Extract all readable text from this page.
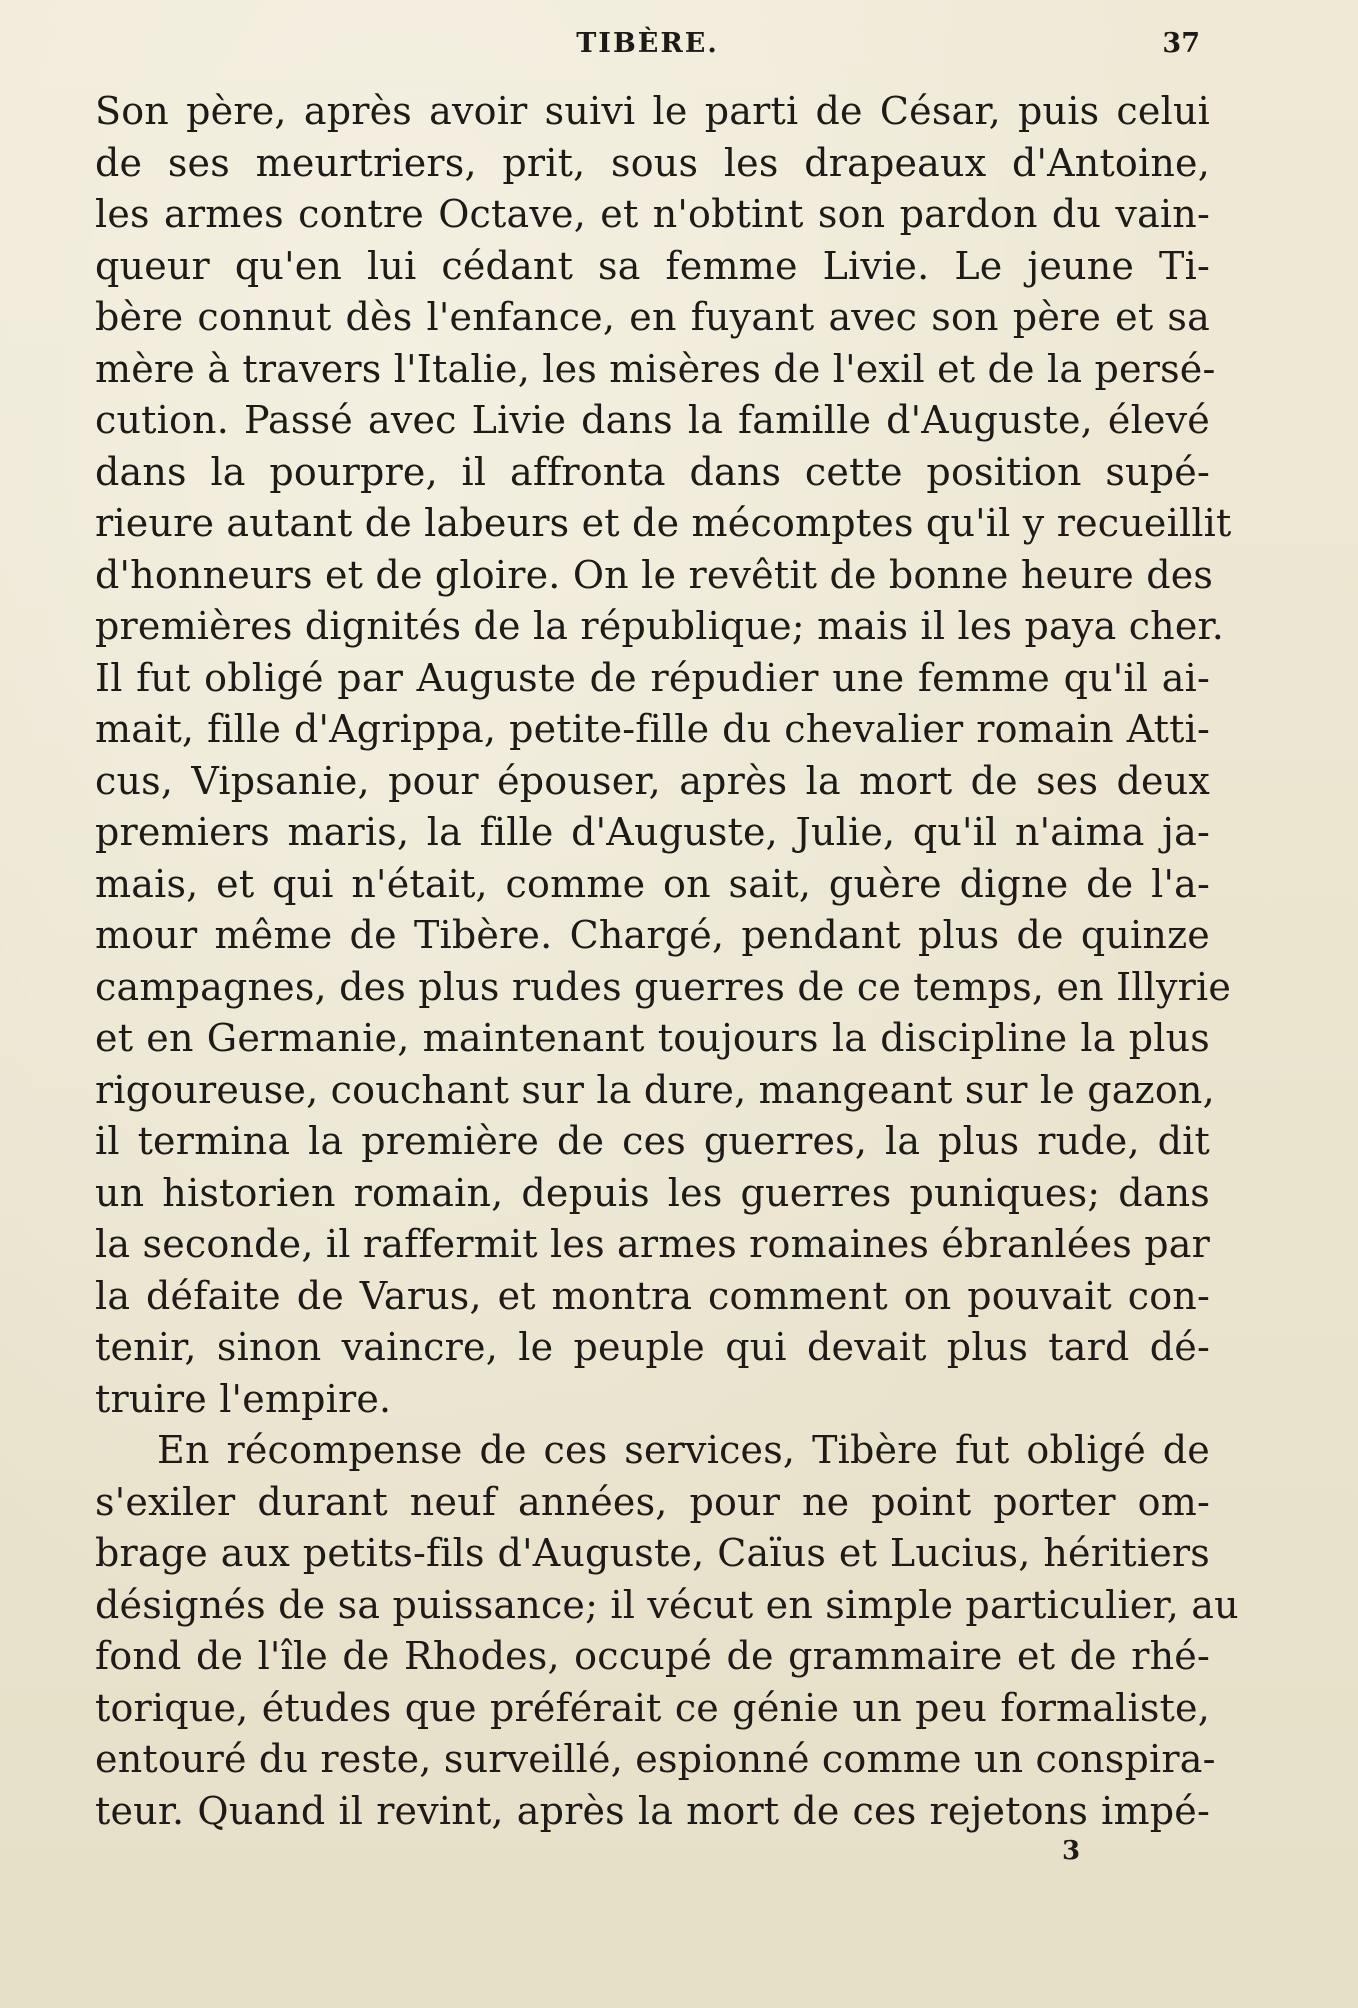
TIBÈRE.	37
Son père, après avoir suivi le parti de César, puis celui
de ses meurtriers, prit, sous les drapeaux d'Antoine,
les armes contre Octave, et n'obtint son pardon du vain-
queur qu'en lui cédant sa femme Livie. Le jeune Ti-
bère connut dès l'enfance, en fuyant avec son père et sa
mère à travers l'Italie, les misères de l'exil et de la persé-
cution. Passé avec Livie dans la famille d'Auguste, élevé
dans la pourpre, il affronta dans cette position supé-
rieure autant de labeurs et de mécomptes qu'il y recueillit
d'honneurs et de gloire. On le revêtit de bonne heure des
premières dignités de la république; mais il les paya cher.
Il fut obligé par Auguste de répudier une femme qu'il ai-
mait, fille d'Agrippa, petite-fille du chevalier romain Atti-
cus, Vipsanie, pour épouser, après la mort de ses deux
premiers maris, la fille d'Auguste, Julie, qu'il n'aima ja-
mais, et qui n'était, comme on sait, guère digne de l'a-
mour même de Tibère. Chargé, pendant plus de quinze
campagnes, des plus rudes guerres de ce temps, en Illyrie
et en Germanie, maintenant toujours la discipline la plus
rigoureuse, couchant sur la dure, mangeant sur le gazon,
il termina la première de ces guerres, la plus rude, dit
un historien romain, depuis les guerres puniques; dans
la seconde, il raffermit les armes romaines ébranlées par
la défaite de Varus, et montra comment on pouvait con-
tenir, sinon vaincre, le peuple qui devait plus tard dé-
truire l'empire.
En récompense de ces services, Tibère fut obligé de
s'exiler durant neuf années, pour ne point porter om-
brage aux petits-fils d'Auguste, Caïus et Lucius, héritiers
désignés de sa puissance; il vécut en simple particulier, au
fond de l'île de Rhodes, occupé de grammaire et de rhé-
torique, études que préférait ce génie un peu formaliste,
entouré du reste, surveillé, espionné comme un conspira-
teur. Quand il revint, après la mort de ces rejetons impé-
3
